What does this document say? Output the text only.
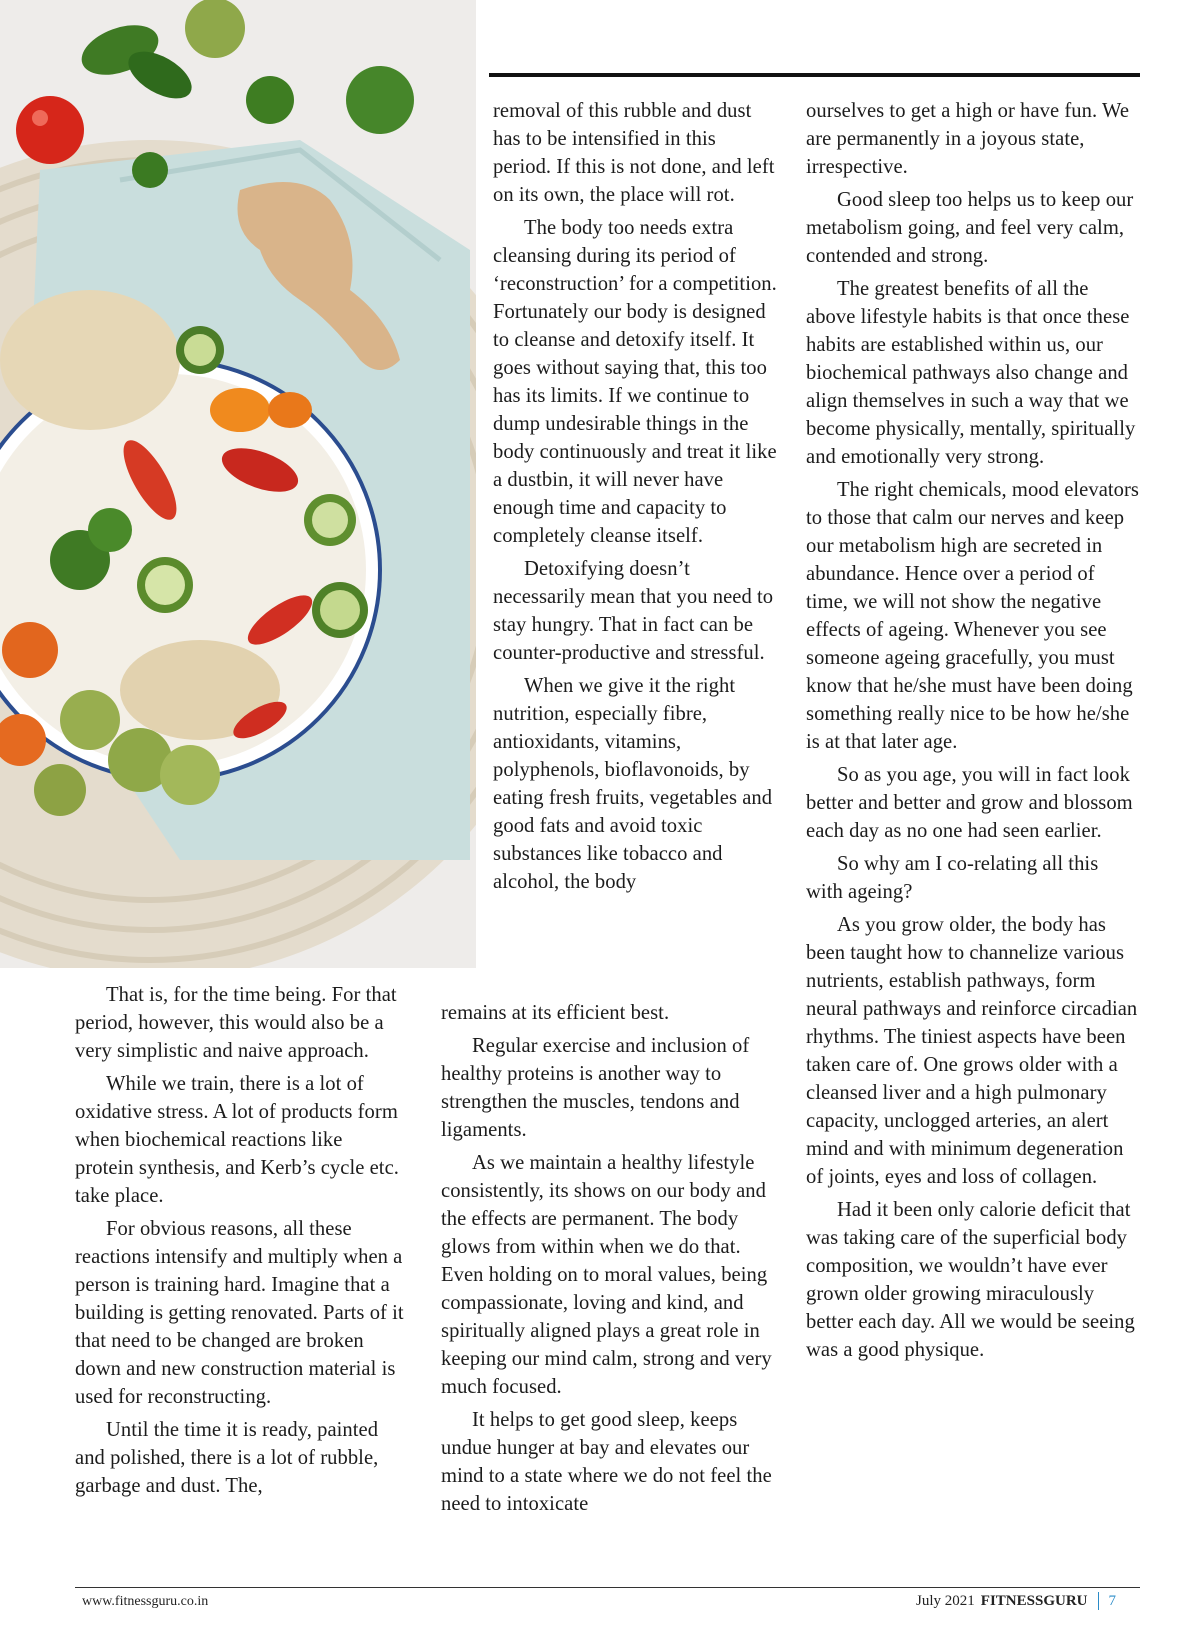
That is, for the time being. For that period, however, this would also be a very simplistic and naive approach.

While we train, there is a lot of oxidative stress. A lot of products form when biochemical reactions like protein synthesis, and Kerb’s cycle etc. take place.

For obvious reasons, all these reactions intensify and multiply when a person is training hard. Imagine that a building is getting renovated. Parts of it that need to be changed are broken down and new construction material is used for reconstructing.

Until the time it is ready, painted and polished, there is a lot of rubble, garbage and dust. The,

removal of this rubble and dust has to be intensified in this period. If this is not done, and left on its own, the place will rot.

The body too needs extra cleansing during its period of ‘reconstruction’ for a competition. Fortunately our body is designed to cleanse and detoxify itself. It goes without saying that, this too has its limits. If we continue to dump undesirable things in the body continuously and treat it like a dustbin, it will never have enough time and capacity to completely cleanse itself.

Detoxifying doesn’t necessarily mean that you need to stay hungry. That in fact can be counter-productive and stressful.

When we give it the right nutrition, especially fibre, antioxidants, vitamins, polyphenols, bioflavonoids, by eating fresh fruits, vegetables and good fats and avoid toxic substances like tobacco and alcohol, the body

remains at its efficient best.

Regular exercise and inclusion of healthy proteins is another way to strengthen the muscles, tendons and ligaments.

As we maintain a healthy lifestyle consistently, its shows on our body and the effects are permanent. The body glows from within when we do that. Even holding on to moral values, being compassionate, loving and kind, and spiritually aligned plays a great role in keeping our mind calm, strong and very much focused.

It helps to get good sleep, keeps undue hunger at bay and elevates our mind to a state where we do not feel the need to intoxicate

ourselves to get a high or have fun. We are permanently in a joyous state, irrespective.

Good sleep too helps us to keep our metabolism going, and feel very calm, contended and strong.

The greatest benefits of all the above lifestyle habits is that once these habits are established within us, our biochemical pathways also change and align themselves in such a way that we become physically, mentally, spiritually and emotionally very strong.

The right chemicals, mood elevators to those that calm our nerves and keep our metabolism high are secreted in abundance. Hence over a period of time, we will not show the negative effects of ageing. Whenever you see someone ageing gracefully, you must know that he/she must have been doing something really nice to be how he/she is at that later age.

So as you age, you will in fact look better and better and grow and blossom each day as no one had seen earlier.

So why am I co-relating all this with ageing?

As you grow older, the body has been taught how to channelize various nutrients, establish pathways, form neural pathways and reinforce circadian rhythms. The tiniest aspects have been taken care of. One grows older with a cleansed liver and a high pulmonary capacity, unclogged arteries, an alert mind and with minimum degeneration of joints, eyes and loss of collagen.

Had it been only calorie deficit that was taking care of the superficial body composition, we wouldn’t have ever grown older growing miraculously better each day. All we would be seeing was a good physique.

www.fitnessguru.co.in	July 2021 FITNESSGURU 7
